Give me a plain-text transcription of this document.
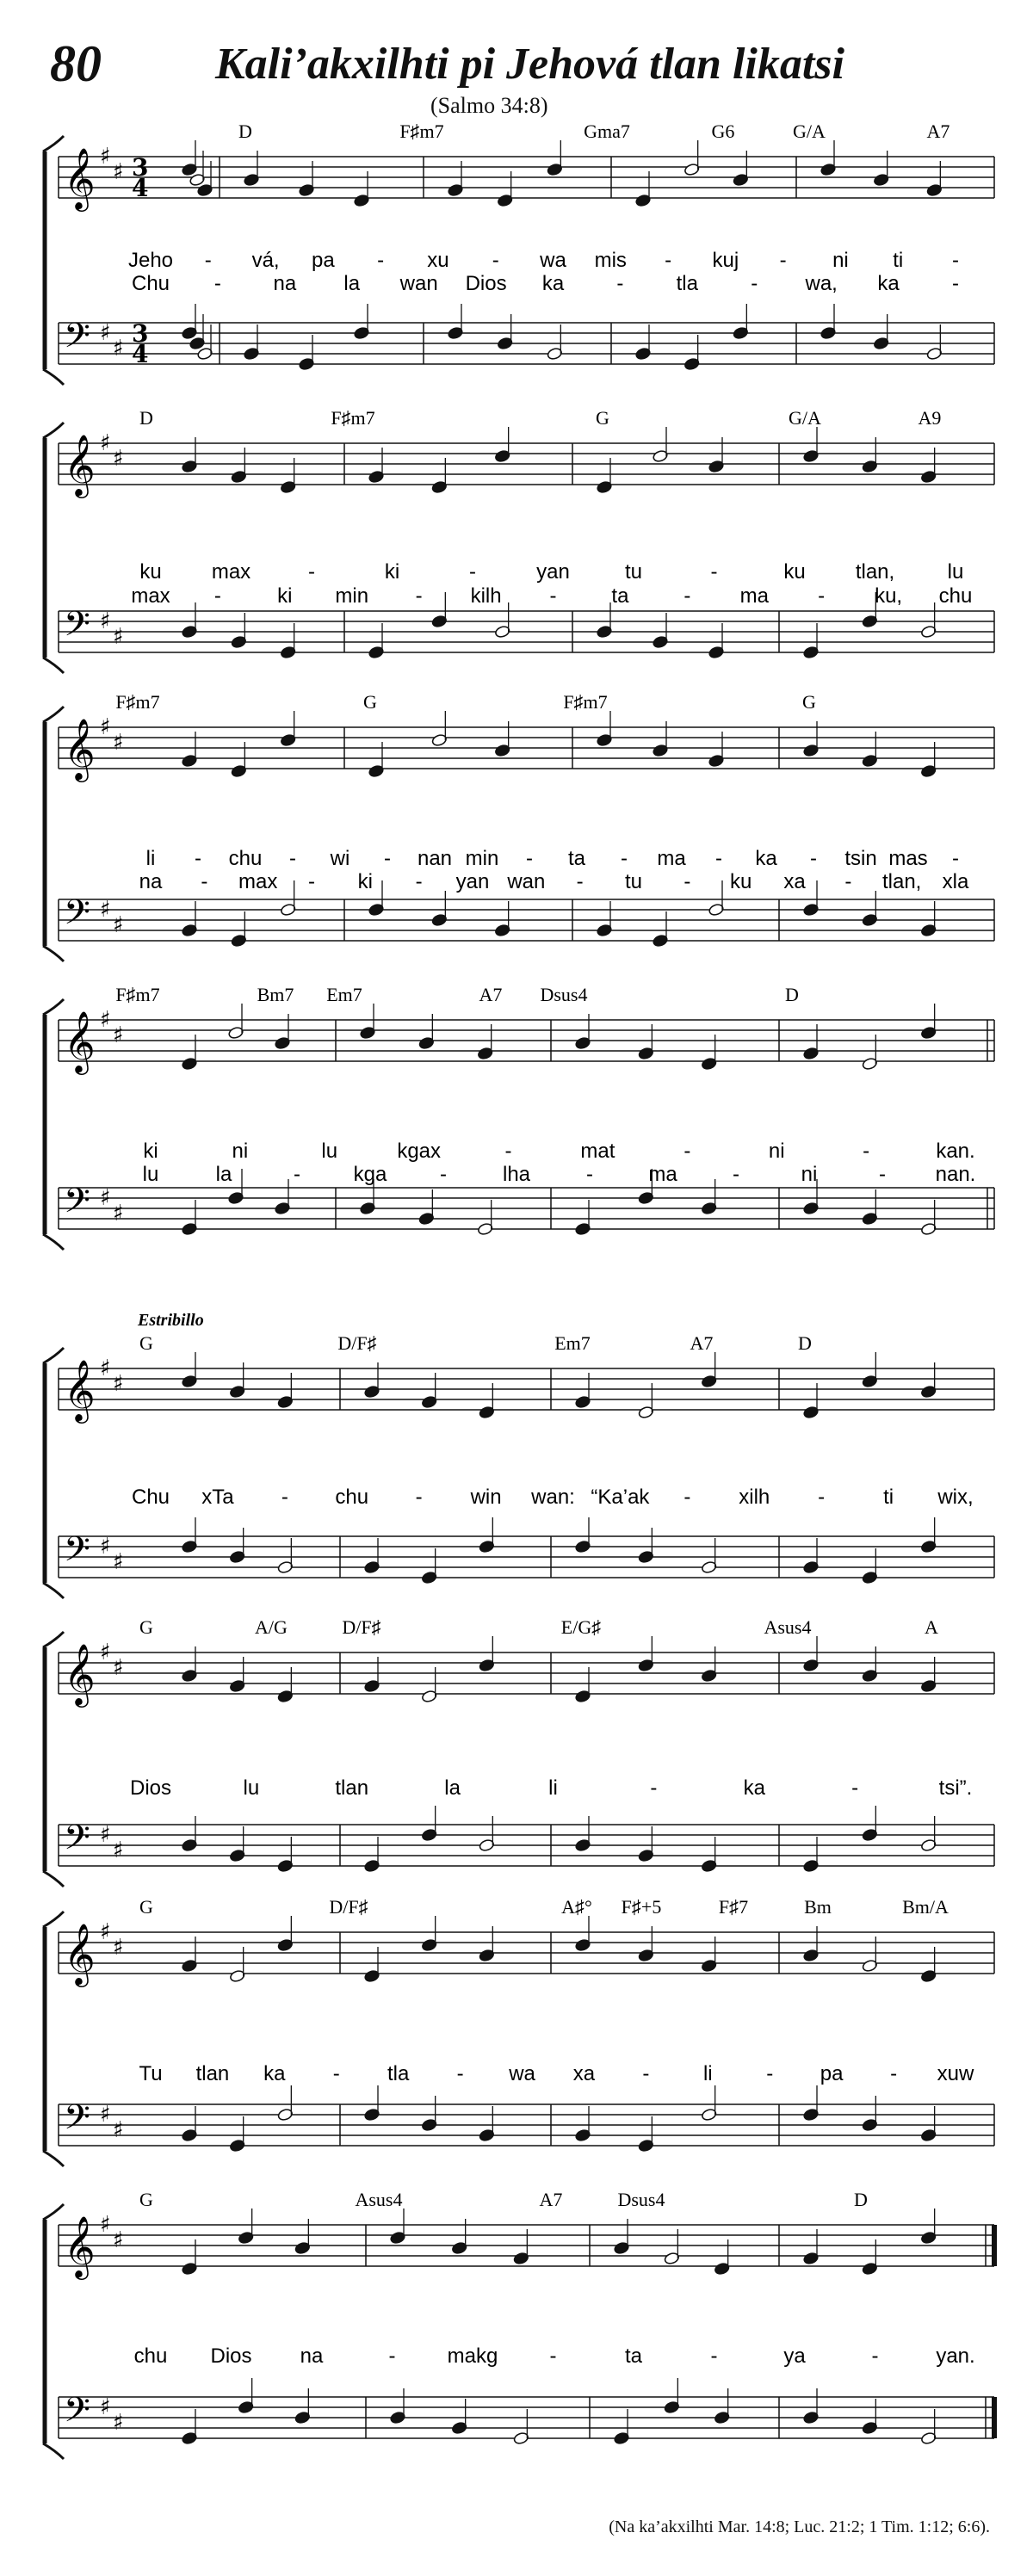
80	Kali’akxilhti pi Jehová tlan likatsi
(Salmo 34:8)
𝄞 ♯
♯
𝄢 ♯
♯
3
4
3
4
D	F♯m7	Gma7	G6	G/A	A7
Jeho - vá, pa - xu - wa mis - kuj - ni ti -
Chu -	na la wan Dios ka	-	tla	- wa, ka	-
𝄞 ♯
♯
𝄢 ♯
♯
D	F♯m7	G	G/A	A9
ku max	-	ki	-	yan	tu	-	ku tlan,	lu
max -	ki min - kilh -	ta	- ma - ku, chu
𝄞 ♯
♯
𝄢 ♯
♯
F♯m7	G	F♯m7	G
li - chu - wi - nan min - ta - ma - ka - tsin mas -
na - max - ki - yan wan - tu - ku xa - tlan, xla
𝄞 ♯
♯
𝄢 ♯
♯
F♯m7	Bm7 Em7	A7 Dsus4	D
ki	ni	lu	kgax	-	mat	-	ni	-	kan.
lu	la	-	kga	-	lha	-	ma	-	ni	- nan.
𝄞 ♯
♯
𝄢 ♯
♯
Estribillo
G	D/F♯	Em7	A7	D
Chu xTa - chu - win wan: “Ka’ak - xilh -	ti wix,
𝄞 ♯
♯
𝄢 ♯
♯
G	A/G	D/F♯	E/G♯	Asus4	A
Dios	lu	tlan	la	li	-	ka	-	tsi”.
𝄞 ♯
♯
𝄢 ♯
♯
G	D/F♯	A♯° F♯+5	F♯7	Bm	Bm/A
Tu tlan ka - tla - wa xa -	li	- pa - xuw
𝄞 ♯
♯
𝄢 ♯
♯
G	Asus4	A7	Dsus4	D
chu Dios na	-	makg	-	ta	-	ya	-	yan.
(Na ka’akxilhti Mar. 14:8; Luc. 21:2; 1 Tim. 1:12; 6:6).
